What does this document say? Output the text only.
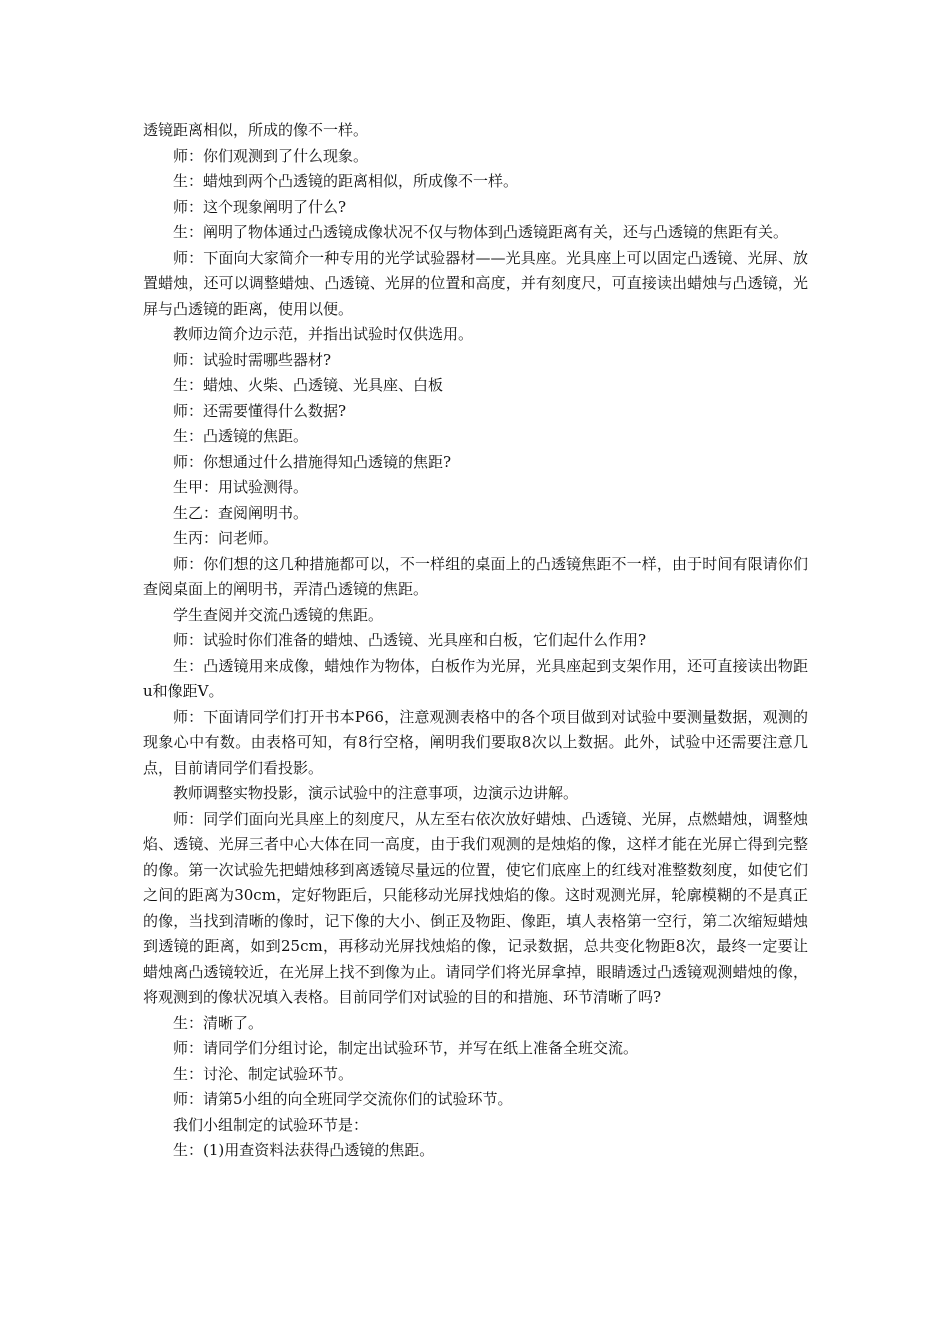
透镜距离相似，所成的像不一样。

师：你们观测到了什么现象。

生：蜡烛到两个凸透镜的距离相似，所成像不一样。

师：这个现象阐明了什么?

生：阐明了物体通过凸透镜成像状况不仅与物体到凸透镜距离有关，还与凸透镜的焦距有关。

师：下面向大家简介一种专用的光学试验器材——光具座。光具座上可以固定凸透镜、光屏、放置蜡烛，还可以调整蜡烛、凸透镜、光屏的位置和高度，并有刻度尺，可直接读出蜡烛与凸透镜，光屏与凸透镜的距离，使用以便。

教师边简介边示范，并指出试验时仅供选用。

师：试验时需哪些器材?

生：蜡烛、火柴、凸透镜、光具座、白板

师：还需要懂得什么数据?

生：凸透镜的焦距。

师：你想通过什么措施得知凸透镜的焦距?

生甲：用试验测得。

生乙：查阅阐明书。

生丙：问老师。

师：你们想的这几种措施都可以，不一样组的桌面上的凸透镜焦距不一样，由于时间有限请你们查阅桌面上的阐明书，弄清凸透镜的焦距。

学生查阅并交流凸透镜的焦距。

师：试验时你们准备的蜡烛、凸透镜、光具座和白板，它们起什么作用?

生：凸透镜用来成像，蜡烛作为物体，白板作为光屏，光具座起到支架作用，还可直接读出物距u和像距V。

师：下面请同学们打开书本P66，注意观测表格中的各个项目做到对试验中要测量数据，观测的现象心中有数。由表格可知，有8行空格，阐明我们要取8次以上数据。此外，试验中还需要注意几点，目前请同学们看投影。

教师调整实物投影，演示试验中的注意事项，边演示边讲解。

师：同学们面向光具座上的刻度尺，从左至右依次放好蜡烛、凸透镜、光屏，点燃蜡烛，调整烛焰、透镜、光屏三者中心大体在同一高度，由于我们观测的是烛焰的像，这样才能在光屏亡得到完整的像。第一次试验先把蜡烛移到离透镜尽量远的位置，使它们底座上的红线对准整数刻度，如使它们之间的距离为30cm，定好物距后，只能移动光屏找烛焰的像。这时观测光屏，轮廓模糊的不是真正的像，当找到清晰的像时，记下像的大小、倒正及物距、像距，填人表格第一空行，第二次缩短蜡烛到透镜的距离，如到25cm，再移动光屏找烛焰的像，记录数据，总共变化物距8次，最终一定要让蜡烛离凸透镜较近，在光屏上找不到像为止。请同学们将光屏拿掉，眼睛透过凸透镜观测蜡烛的像，将观测到的像状况填入表格。目前同学们对试验的目的和措施、环节清晰了吗?

生：清晰了。

师：请同学们分组讨论，制定出试验环节，并写在纸上准备全班交流。

生：讨沦、制定试验环节。

师：请第5小组的向全班同学交流你们的试验环节。

我们小组制定的试验环节是：

生：(1)用查资料法获得凸透镜的焦距。
